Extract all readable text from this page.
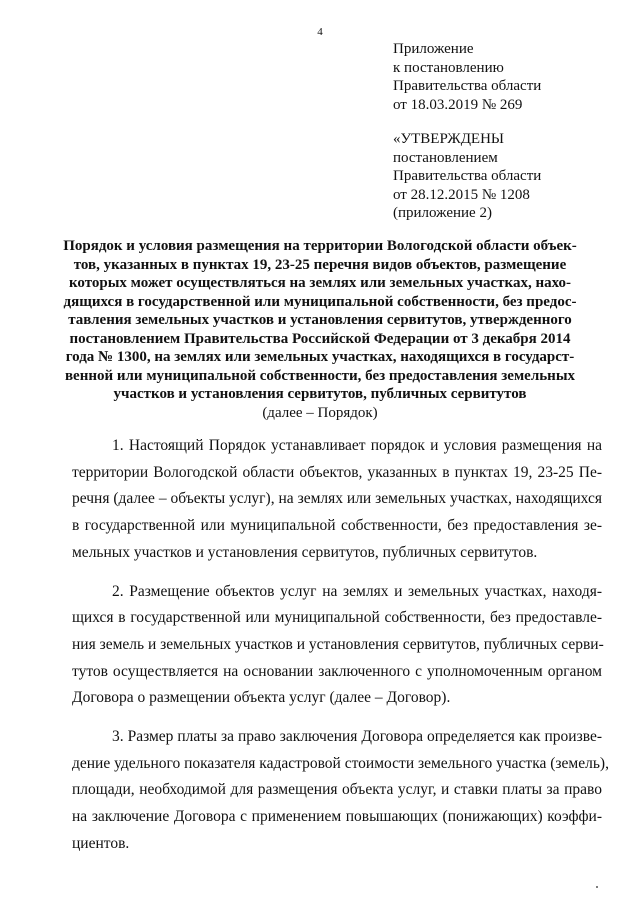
4
Приложение
к постановлению
Правительства области
от 18.03.2019 № 269
«УТВЕРЖДЕНЫ
постановлением
Правительства области
от 28.12.2015 № 1208
(приложение 2)
Порядок и условия размещения на территории Вологодской области объек-
тов, указанных в пунктах 19, 23-25 перечня видов объектов, размещение
которых может осуществляться на землях или земельных участках, нахо-
дящихся в государственной или муниципальной собственности, без предос-
тавления земельных участков и установления сервитутов, утвержденного
постановлением Правительства Российской Федерации от 3 декабря 2014
года № 1300, на землях или земельных участках, находящихся в государст-
венной или муниципальной собственности, без предоставления земельных
участков и установления сервитутов, публичных сервитутов
(далее – Порядок)
1. Настоящий Порядок устанавливает порядок и условия размещения на
территории Вологодской области объектов, указанных в пунктах 19, 23-25 Пе-
речня (далее – объекты услуг), на землях или земельных участках, находящихся
в государственной или муниципальной собственности, без предоставления зе-
мельных участков и установления сервитутов, публичных сервитутов.
2. Размещение объектов услуг на землях и земельных участках, находя-
щихся в государственной или муниципальной собственности, без предоставле-
ния земель и земельных участков и установления сервитутов, публичных серви-
тутов осуществляется на основании заключенного с уполномоченным органом
Договора о размещении объекта услуг (далее – Договор).
3. Размер платы за право заключения Договора определяется как произве-
дение удельного показателя кадастровой стоимости земельного участка (земель),
площади, необходимой для размещения объекта услуг, и ставки платы за право
на заключение Договора с применением повышающих (понижающих) коэффи-
циентов.
